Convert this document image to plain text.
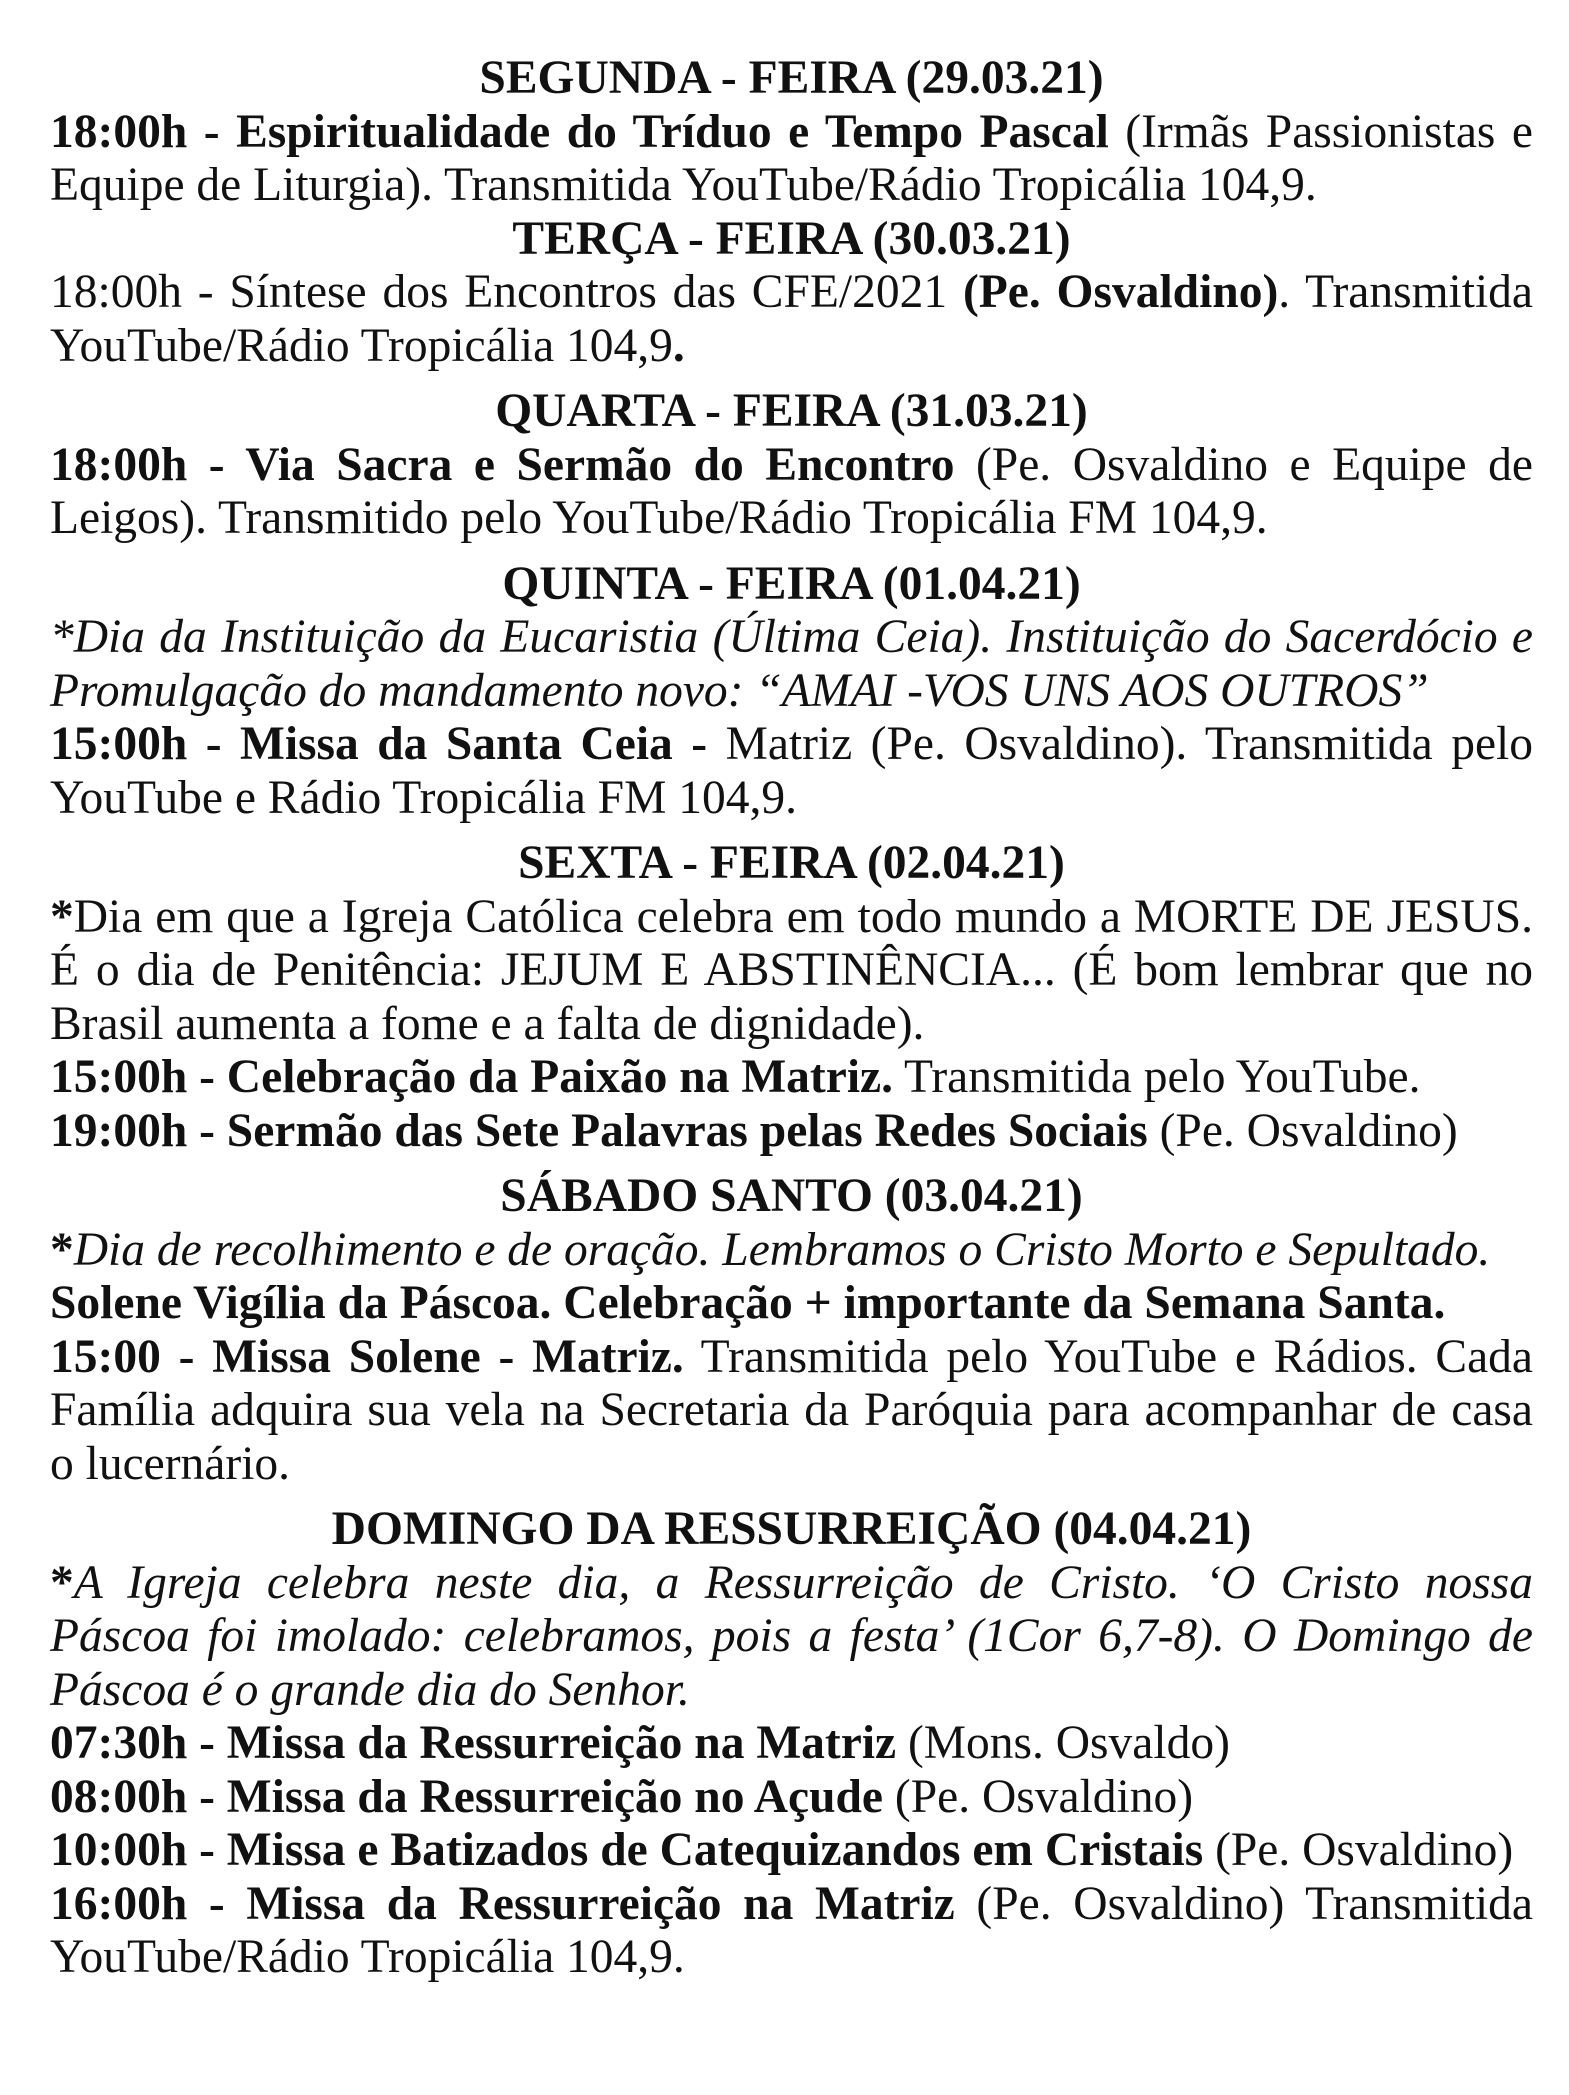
SEGUNDA - FEIRA (29.03.21)

18:00h - Espiritualidade do Tríduo e Tempo Pascal (Irmãs Passionistas e Equipe de Liturgia). Transmitida YouTube/Rádio Tropicália 104,9.

TERÇA - FEIRA (30.03.21)

18:00h - Síntese dos Encontros das CFE/2021 (Pe. Osvaldino). Transmitida YouTube/Rádio Tropicália 104,9.

QUARTA - FEIRA (31.03.21)

18:00h - Via Sacra e Sermão do Encontro (Pe. Osvaldino e Equipe de Leigos). Transmitido pelo YouTube/Rádio Tropicália FM 104,9.

QUINTA - FEIRA (01.04.21)

*Dia da Instituição da Eucaristia (Última Ceia). Instituição do Sacerdócio e Promulgação do mandamento novo: “AMAI -VOS UNS AOS OUTROS”

15:00h - Missa da Santa Ceia - Matriz (Pe. Osvaldino). Transmitida pelo YouTube e Rádio Tropicália FM 104,9.

SEXTA - FEIRA (02.04.21)

*Dia em que a Igreja Católica celebra em todo mundo a MORTE DE JESUS. É o dia de Penitência: JEJUM E ABSTINÊNCIA... (É bom lembrar que no Brasil aumenta a fome e a falta de dignidade).

15:00h - Celebração da Paixão na Matriz. Transmitida pelo YouTube.

19:00h - Sermão das Sete Palavras pelas Redes Sociais (Pe. Osvaldino)

SÁBADO SANTO (03.04.21)

*Dia de recolhimento e de oração. Lembramos o Cristo Morto e Sepultado.

Solene Vigília da Páscoa. Celebração + importante da Semana Santa.

15:00 - Missa Solene - Matriz. Transmitida pelo YouTube e Rádios. Cada Família adquira sua vela na Secretaria da Paróquia para acompanhar de casa o lucernário.

DOMINGO DA RESSURREIÇÃO (04.04.21)

*A Igreja celebra neste dia, a Ressurreição de Cristo. ‘O Cristo nossa Páscoa foi imolado: celebramos, pois a festa’ (1Cor 6,7-8). O Domingo de Páscoa é o grande dia do Senhor.

07:30h - Missa da Ressurreição na Matriz (Mons. Osvaldo)

08:00h - Missa da Ressurreição no Açude (Pe. Osvaldino)

10:00h - Missa e Batizados de Catequizandos em Cristais (Pe. Osvaldino)

16:00h - Missa da Ressurreição na Matriz (Pe. Osvaldino) Transmitida YouTube/Rádio Tropicália 104,9.
